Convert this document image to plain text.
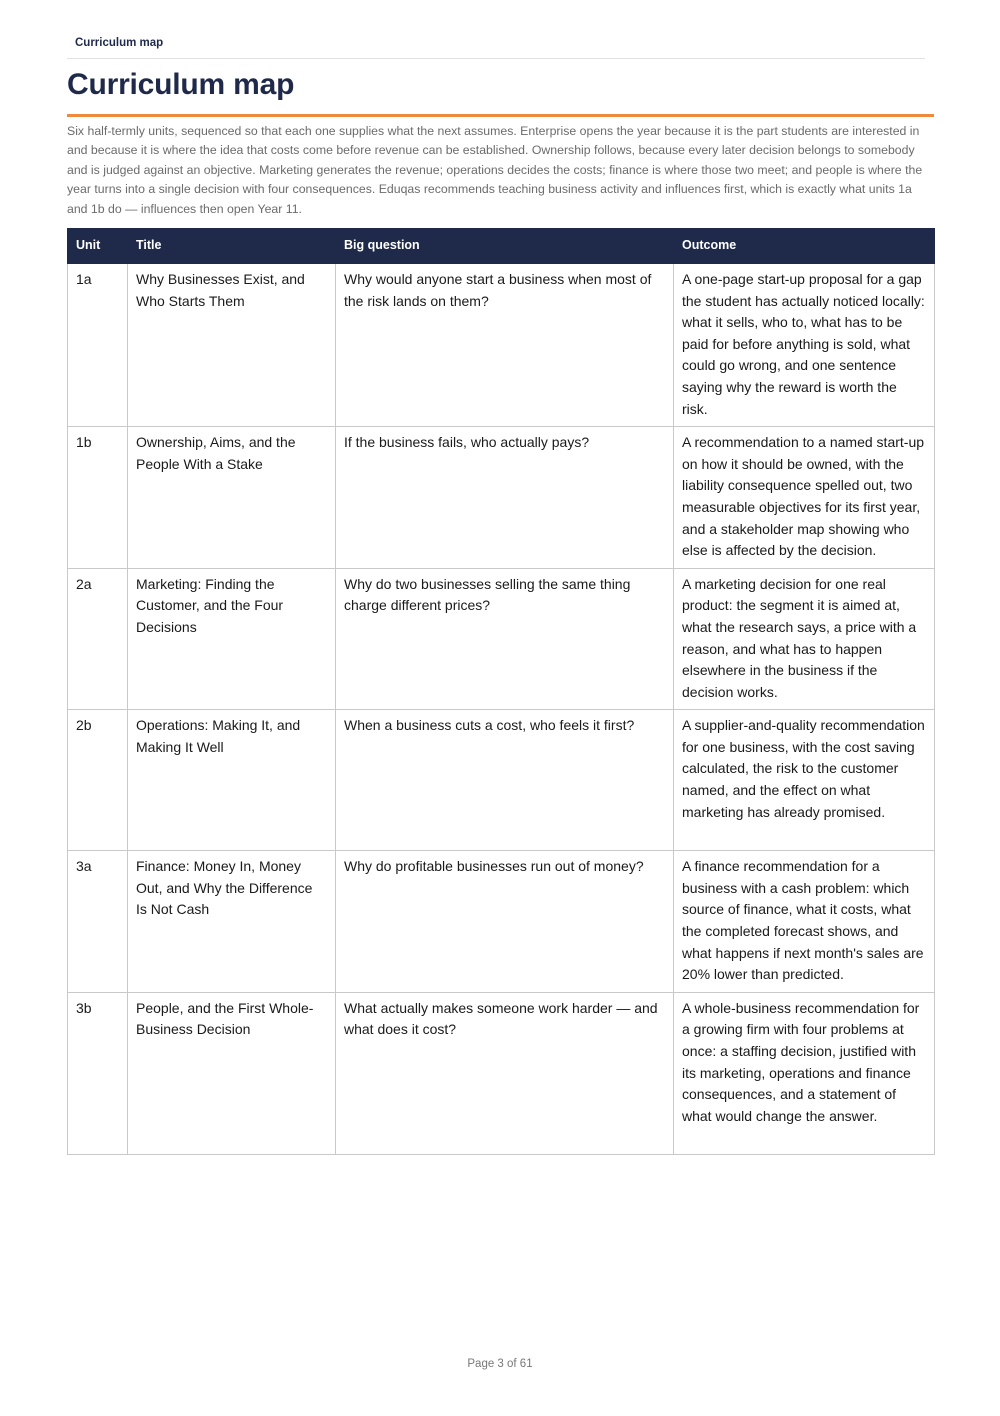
Curriculum map
Curriculum map

Six half-termly units, sequenced so that each one supplies what the next assumes. Enterprise opens the year because it is the part students are interested in and because it is where the idea that costs come before revenue can be established. Ownership follows, because every later decision belongs to somebody and is judged against an objective. Marketing generates the revenue; operations decides the costs; finance is where those two meet; and people is where the year turns into a single decision with four consequences. Eduqas recommends teaching business activity and influences first, which is exactly what units 1a and 1b do — influences then open Year 11.

Unit	Title	Big question	Outcome
1a	Why Businesses Exist, and Who Starts Them	Why would anyone start a business when most of the risk lands on them?	A one-page start-up proposal for a gap the student has actually noticed locally: what it sells, who to, what has to be paid for before anything is sold, what could go wrong, and one sentence saying why the reward is worth the risk.
1b	Ownership, Aims, and the People With a Stake	If the business fails, who actually pays?	A recommendation to a named start-up on how it should be owned, with the liability consequence spelled out, two measurable objectives for its first year, and a stakeholder map showing who else is affected by the decision.
2a	Marketing: Finding the Customer, and the Four Decisions	Why do two businesses selling the same thing charge different prices?	A marketing decision for one real product: the segment it is aimed at, what the research says, a price with a reason, and what has to happen elsewhere in the business if the decision works.
2b	Operations: Making It, and Making It Well	When a business cuts a cost, who feels it first?	A supplier-and-quality recommendation for one business, with the cost saving calculated, the risk to the customer named, and the effect on what marketing has already promised.
3a	Finance: Money In, Money Out, and Why the Difference Is Not Cash	Why do profitable businesses run out of money?	A finance recommendation for a business with a cash problem: which source of finance, what it costs, what the completed forecast shows, and what happens if next month's sales are 20% lower than predicted.
3b	People, and the First Whole-Business Decision	What actually makes someone work harder — and what does it cost?	A whole-business recommendation for a growing firm with four problems at once: a staffing decision, justified with its marketing, operations and finance consequences, and a statement of what would change the answer.
Page 3 of 61
